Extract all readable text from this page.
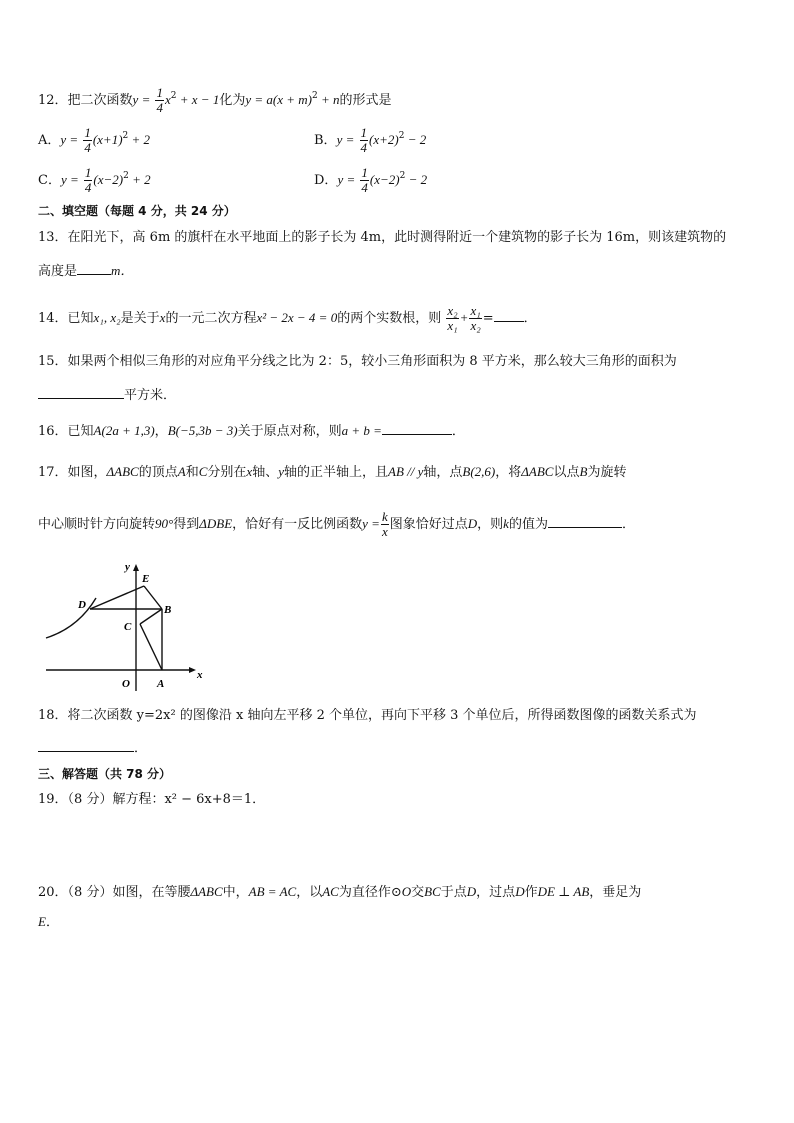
12．把二次函数$y = \frac{1}{4} x^2 + x - 1$化为$y = a(x + m)^2 + n$的形式是
A．$y = \frac{1}{4} (x+1)^2 + 2$	B．$y = \frac{1}{4} (x+2)^2 - 2$
C．$y = \frac{1}{4} (x-2)^2 + 2$	D．$y = \frac{1}{4} (x-2)^2 - 2$
二、填空题（每题 4 分，共 24 分）
13．在阳光下，高 6m 的旗杆在水平地面上的影子长为 4m，此时测得附近一个建筑物的影子长为 16m，则该建筑物的
高度是	m．
14．已知x₁, x₂是关于x的一元二次方程x² − 2x − 4 = 0的两个实数根，则 $\frac{\text{x₂}}{\text{x₁}} + \frac{\text{x₁}}{\text{x₂}}$ = ．
15．如果两个相似三角形的对应角平分线之比为 2：5，较小三角形面积为 8 平方米，那么较大三角形的面积为
平方米．
16．已知A(2a + 1,3)，B(−5,3b − 3)关于原点对称，则a + b =	．
17．如图，ΔABC的顶点A和C分别在x轴、y轴的正半轴上，且AB // y轴，点B(2,6)，将ΔABC以点B为旋转
中心顺时针方向旋转90°得到ΔDBE，恰好有一反比例函数$y = \frac{k}{x}$ 图象恰好过点D，则k的值为	．
y
x
E
D	B
C
O A
18．将二次函数 y=2x² 的图像沿 x 轴向左平移 2 个单位，再向下平移 3 个单位后，所得函数图像的函数关系式为
．
三、解答题（共 78 分）
19．（8 分）解方程：x² − 6x+8＝1．
20．（8 分）如图，在等腰ΔABC中，AB = AC，以AC为直径作⊙O交BC于点D，过点D作DE ⊥ AB，垂足为
E．
